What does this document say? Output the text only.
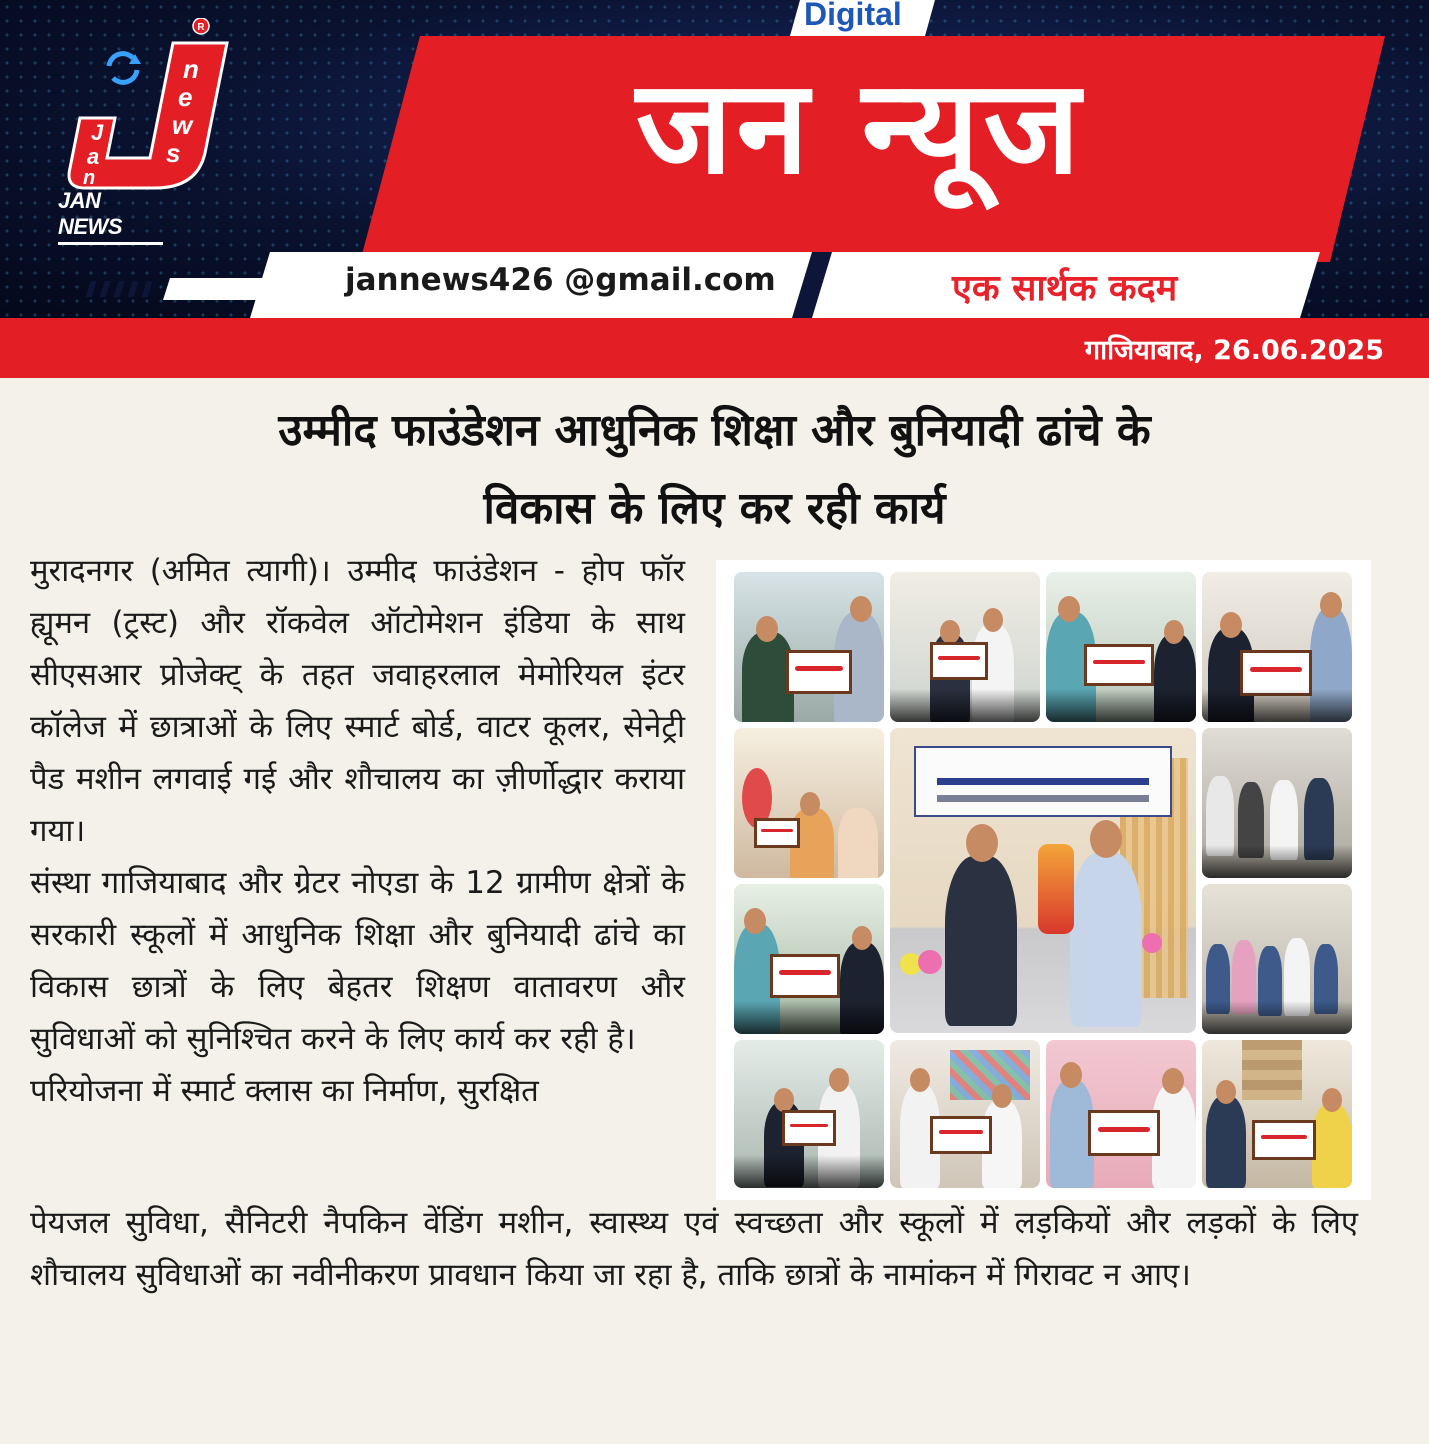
R
n
e
w
s
J
a
n
JAN NEWS
Digital
जन न्यूज
jannews426 @gmail.com	एक सार्थक कदम
गाजियाबाद, 26.06.2025
उम्मीद फाउंडेशन आधुनिक शिक्षा और बुनियादी ढांचे के
विकास के लिए कर रही कार्य

मुरादनगर (अमित त्यागी)। उम्मीद फाउंडेशन - होप फॉर ह्यूमन (ट्रस्ट) और रॉकवेल ऑटोमेशन इंडिया के साथ सीएसआर प्रोजेक्ट् के तहत जवाहरलाल मेमोरियल इंटर कॉलेज में छात्राओं के लिए स्मार्ट बोर्ड, वाटर कूलर, सेनेट्री पैड मशीन लगवाई गई और शौचालय का ज़ीर्णोद्धार कराया गया।

संस्था गाजियाबाद और ग्रेटर नोएडा के 12 ग्रामीण क्षेत्रों के सरकारी स्कूलों में आधुनिक शिक्षा और बुनियादी ढांचे का विकास छात्रों के लिए बेहतर शिक्षण वातावरण और सुविधाओं को सुनिश्चित करने के लिए कार्य कर रही है।

परियोजना में स्मार्ट क्लास का निर्माण, सुरक्षित

पेयजल सुविधा, सैनिटरी नैपकिन वेंडिंग मशीन, स्वास्थ्य एवं स्वच्छता और स्कूलों में लड़कियों और लड़कों के लिए शौचालय सुविधाओं का नवीनीकरण प्रावधान किया जा रहा है, ताकि छात्रों के नामांकन में गिरावट न आए।
